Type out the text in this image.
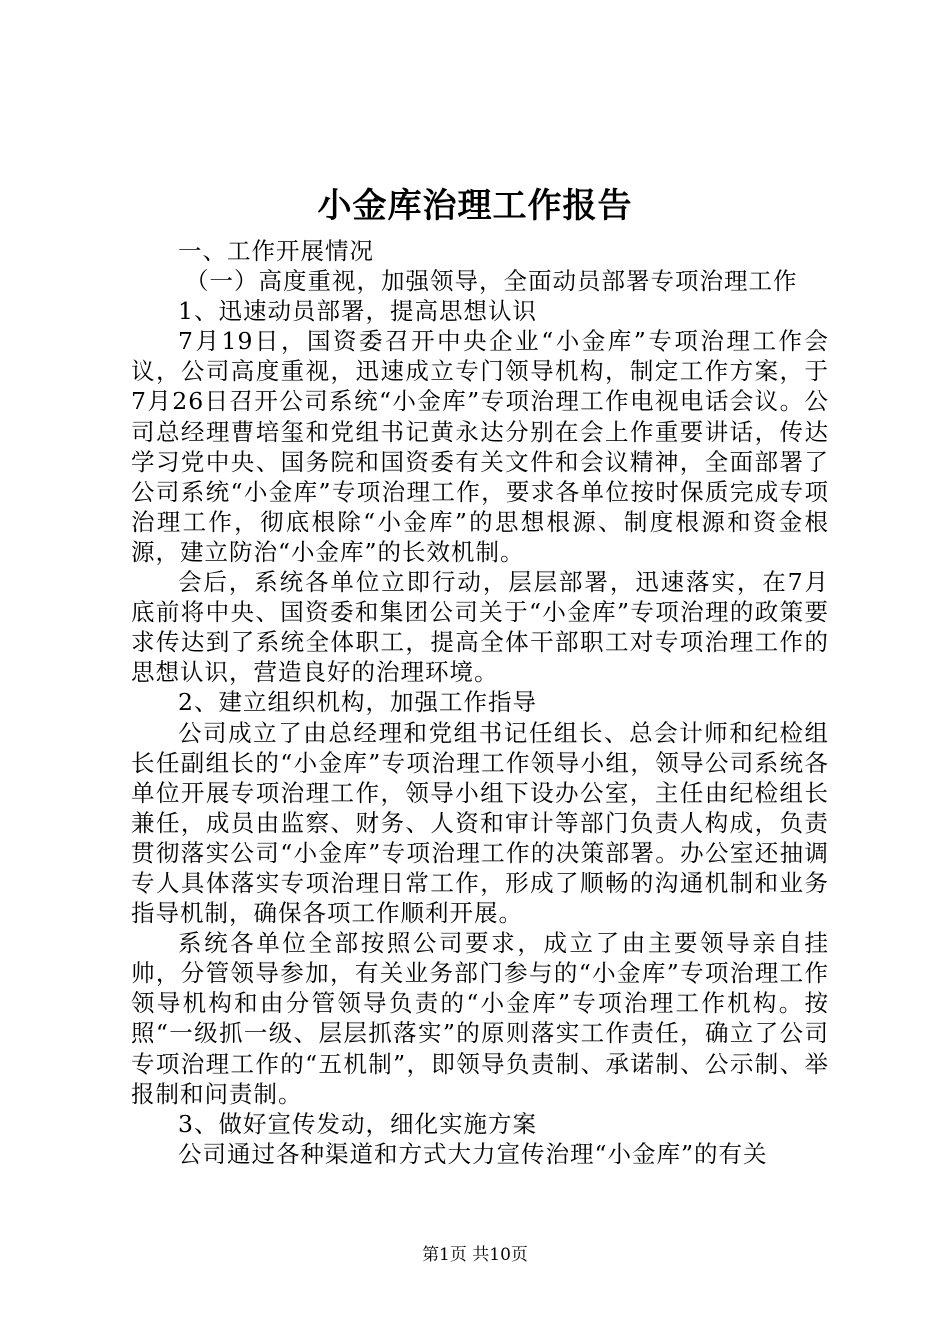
小金库治理工作报告

一、工作开展情况

（一）高度重视，加强领导，全面动员部署专项治理工作

1、迅速动员部署，提高思想认识

7月19日，国资委召开中央企业“小金库”专项治理工作会议，公司高度重视，迅速成立专门领导机构，制定工作方案，于7月26日召开公司系统“小金库”专项治理工作电视电话会议。公司总经理曹培玺和党组书记黄永达分别在会上作重要讲话，传达学习党中央、国务院和国资委有关文件和会议精神，全面部署了公司系统“小金库”专项治理工作，要求各单位按时保质完成专项治理工作，彻底根除“小金库”的思想根源、制度根源和资金根源，建立防治“小金库”的长效机制。

会后，系统各单位立即行动，层层部署，迅速落实，在7月底前将中央、国资委和集团公司关于“小金库”专项治理的政策要求传达到了系统全体职工，提高全体干部职工对专项治理工作的思想认识，营造良好的治理环境。

2、建立组织机构，加强工作指导

公司成立了由总经理和党组书记任组长、总会计师和纪检组长任副组长的“小金库”专项治理工作领导小组，领导公司系统各单位开展专项治理工作，领导小组下设办公室，主任由纪检组长兼任，成员由监察、财务、人资和审计等部门负责人构成，负责贯彻落实公司“小金库”专项治理工作的决策部署。办公室还抽调专人具体落实专项治理日常工作，形成了顺畅的沟通机制和业务指导机制，确保各项工作顺利开展。

系统各单位全部按照公司要求，成立了由主要领导亲自挂帅，分管领导参加，有关业务部门参与的“小金库”专项治理工作领导机构和由分管领导负责的“小金库”专项治理工作机构。按照“一级抓一级、层层抓落实”的原则落实工作责任，确立了公司专项治理工作的“五机制”，即领导负责制、承诺制、公示制、举报制和问责制。

3、做好宣传发动，细化实施方案

公司通过各种渠道和方式大力宣传治理“小金库”的有关

第1页 共10页
